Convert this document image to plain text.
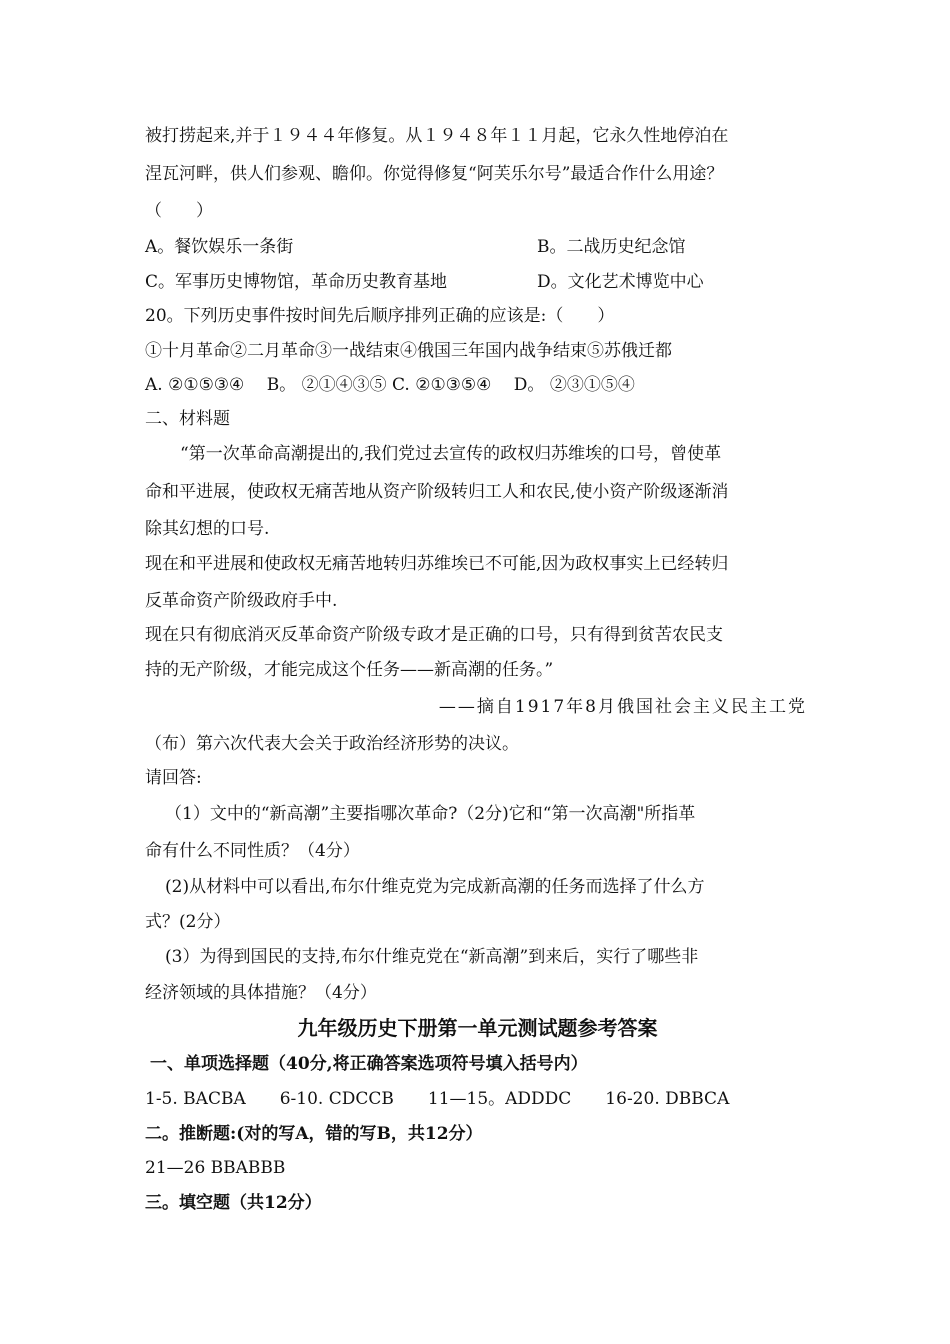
被打捞起来,并于１９４４年修复。从１９４８年１１月起，它永久性地停泊在
涅瓦河畔，供人们参观、瞻仰。你觉得修复“阿芙乐尔号”最适合作什么用途？
（　　）
A。餐饮娱乐一条街	B。二战历史纪念馆
C。军事历史博物馆，革命历史教育基地	D。文化艺术博览中心
20。下列历史事件按时间先后顺序排列正确的应该是:（　　）
①十月革命②二月革命③一战结束④俄国三年国内战争结束⑤苏俄迁都
A. ②①⑤③④　 B。 ②①④③⑤ C. ②①③⑤④　 D。 ②③①⑤④
二、材料题
“第一次革命高潮提出的,我们党过去宣传的政权归苏维埃的口号，曾使革
命和平进展，使政权无痛苦地从资产阶级转归工人和农民,使小资产阶级逐渐消
除其幻想的口号.
现在和平进展和使政权无痛苦地转归苏维埃已不可能,因为政权事实上已经转归
反革命资产阶级政府手中.
现在只有彻底消灭反革命资产阶级专政才是正确的口号，只有得到贫苦农民支
持的无产阶级，才能完成这个任务——新高潮的任务。”
——摘自1917年8月俄国社会主义民主工党
（布）第六次代表大会关于政治经济形势的决议。
请回答:
（1）文中的“新高潮”主要指哪次革命?（2分)它和“第一次高潮"所指革
命有什么不同性质？（4分）
(2)从材料中可以看出,布尔什维克党为完成新高潮的任务而选择了什么方
式？(2分）
(3）为得到国民的支持,布尔什维克党在“新高潮”到来后，实行了哪些非
经济领域的具体措施？（4分）
九年级历史下册第一单元测试题参考答案
一、单项选择题（40分,将正确答案选项符号填入括号内）
1-5. BACBA　　6-10. CDCCB　　11—15。ADDDC　　16-20. DBBCA
二。推断题:(对的写A，错的写B，共12分）
21—26 BBABBB
三。填空题（共12分）
